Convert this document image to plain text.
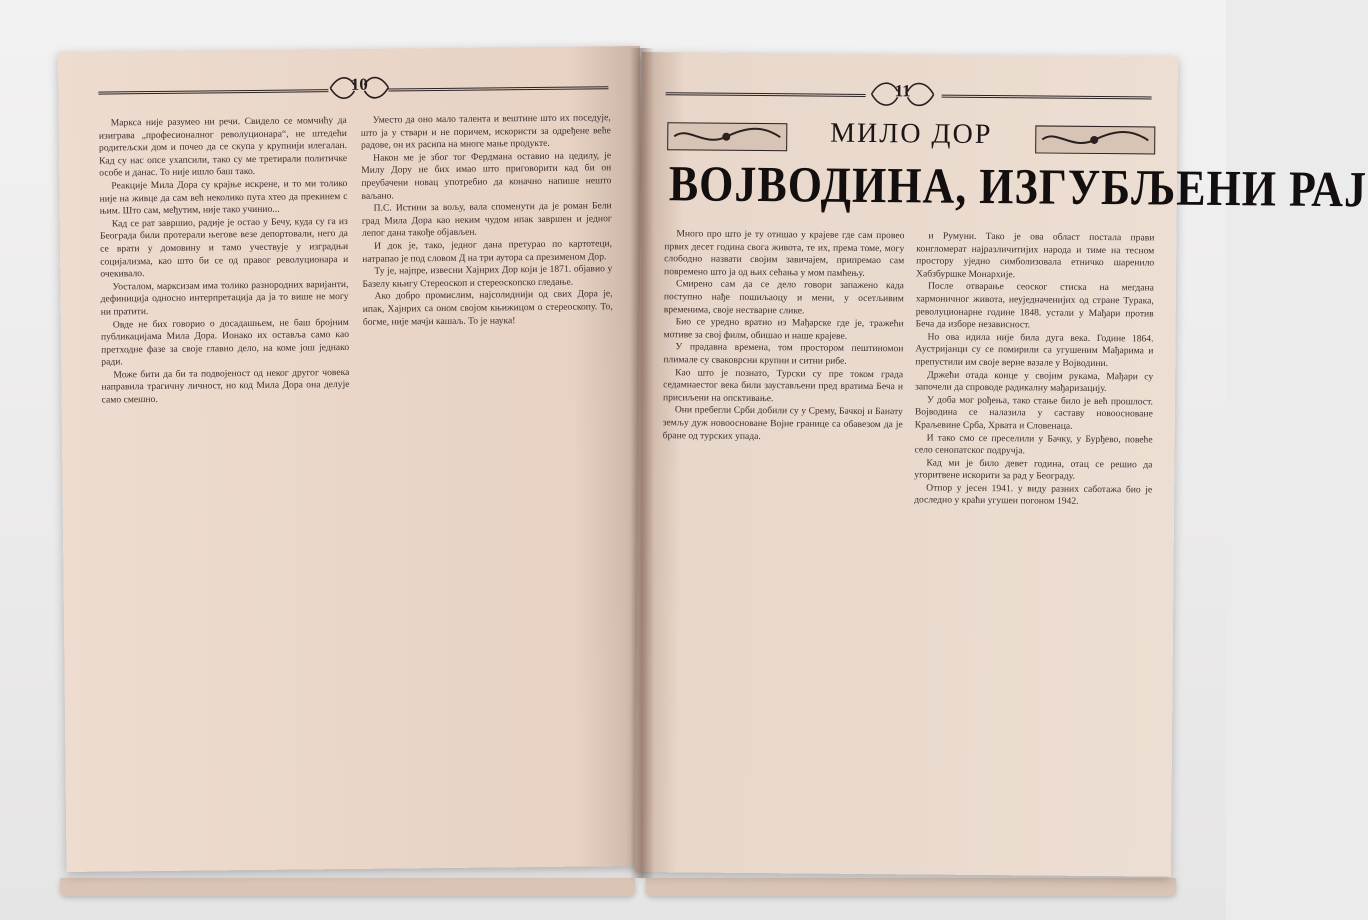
10

Маркса није разумео ни речи. Свидело се момчићу да изиграва „професионалног револуционара“, не штедећи родитељски дом и почео да се скупа у крупнији илегалан. Кад су нас опсе ухапсили, тако су ме третирали политичке особе и данас. То није ишло баш тако.

Реакције Мила Дора су крајње искрене, и то ми толико није на живце да сам већ неколико пута хтео да прекинем с њим. Што сам, међутим, није тако учинио...

Кад се рат завршио, радије је остао у Бечу, куда су га из Београда били протерали његове везе депортовали, него да се врати у домовину и тамо учествује у изградњи социјализма, као што би се од правог револуционара и очекивало.

Уосталом, марксизам има толико разнородних варијанти, дефиниција односно интерпретација да ја то више не могу ни пратити.

Овде не бих говорио о досадашњем, не баш бројним публикацијама Мила Дора. Ионако их оставља само као претходне фазе за своје главно дело, на коме још једнако ради.

Може бити да би та подвојеност од неког другог човека направила трагичну личност, но код Мила Дора она делује само смешно.

Уместо да оно мало талента и вештине што их поседује, што ја у ствари и не поричем, искористи за одређене веће радове, он их расипа на многе мање продукте.

Након ме је због тог Фердмана оставио на цедилу, је Милу Дору не бих имао што приговорити кад би он преубачени новац употребио да коначно напише нешто ваљано.

П.С. Истини за вољу, вала споменути да је роман Бели град Мила Дора као неким чудом ипак завршен и једног лепог дана такође објављен.

И док је, тако, једног дана претурао по картотеци, натрапао је под словом Д на три аутора са презименом Дор.

Ту је, најпре, извесни Хајнрих Дор који је 1871. објавио у Базелу књигу Стереоскоп и стереоскопско гледање.

Ако добро промислим, најсолиднији од свих Дора је, ипак, Хајнрих са оном својом књижицом о стереоскопу. То, богме, није мачји кашаљ. То је наука!

11
МИЛО ДОР
ВОЈВОДИНА, ИЗГУБЉЕНИ РАЈ

Много про што је ту отишао у крајеве где сам провео првих десет година свога живота, те их, према томе, могу слободно назвати својим завичајем, припремао сам повремено што ја од њих сећања у мом памћењу.

Смирено сам да се дело говори запажено када поступно нађе пошиљаоцу и мени, у осетљивим временима, своје нестварне слике.

Био се уредно вратио из Мађарске где је, тражећи мотиве за свој филм, обишао и наше крајеве.

У прадавна времена, том простором пештиномон плимале су сваковрсни крупни и ситни рибе.

Као што је познато, Турски су пре током града седамнаестог века били заустављени пред вратима Беча и присиљени на опсктивање.

Они пребегли Срби добили су у Срему, Бачкој и Банату земљу дуж новоосноване Војне границе са обавезом да је бране од турских упада.

и Румуни. Тако је ова област постала прави конгломерат најразличитијих народа и тиме на тесном простору уједно симболизовала етничко шаренило Хабзбуршке Монархије.

После отварање сеоског стиска на мегдана хармоничног живота, неуједначенијих од стране Турака, револуционарне године 1848. устали у Мађари против Беча да изборе независност.

Но ова идила није била дуга века. Године 1864. Аустријанци су се помирили са угушеним Мађарима и препустили им своје верне вазале у Војводини.

Држећи отада конце у својим рукама, Мађари су започели да спроводе радикалну мађаризацију.

У доба мог рођења, тако стање било је већ прошлост. Војводина се налазила у саставу новоосноване Краљевине Срба, Хрвата и Словенаца.

И тако смо се преселили у Бачку, у Бурђево, повеће село сенопатског подручја.

Кад ми је било девет година, отац се решио да угоритвене искорити за рад у Београду.

Отпор у јесен 1941. у виду разних саботажа био је доследно у краћи угушен погоном 1942.
